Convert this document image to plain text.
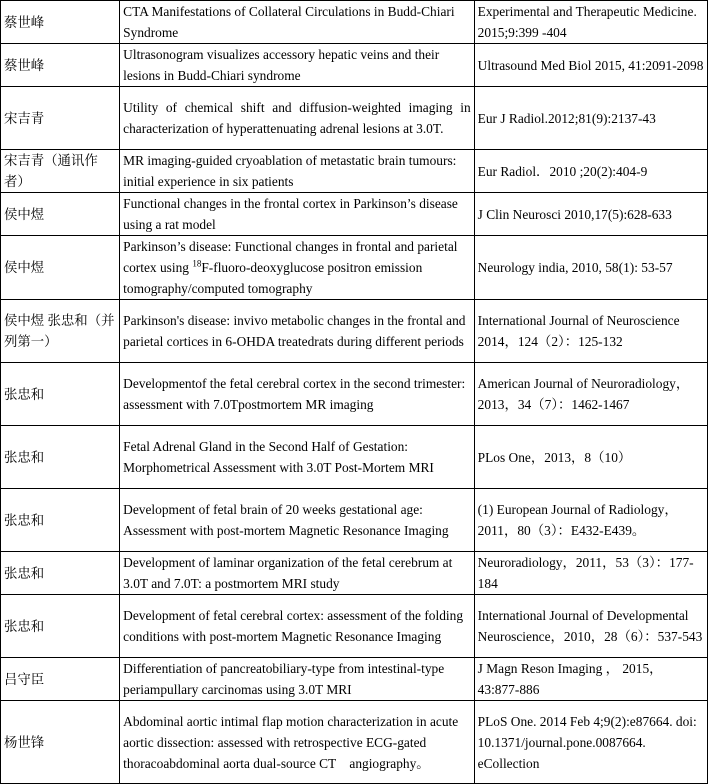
蔡世峰	CTA Manifestations of Collateral Circulations in Budd-Chiari Syndrome	Experimental and Therapeutic Medicine. 2015;9:399 -404
蔡世峰	Ultrasonogram visualizes accessory hepatic veins and their lesions in Budd-Chiari syndrome	Ultrasound Med Biol 2015, 41:2091-2098
宋吉青	Utility of chemical shift and diffusion-weighted imaging in characterization of hyperattenuating adrenal lesions at 3.0T.	Eur J Radiol.2012;81(9):2137-43
宋吉青（通讯作者）	MR imaging-guided cryoablation of metastatic brain tumours: initial experience in six patients	Eur Radiol．2010 ;20(2):404-9
侯中煜	Functional changes in the frontal cortex in Parkinson’s disease using a rat model	J Clin Neurosci 2010,17(5):628-633
侯中煜	Parkinson’s disease: Functional changes in frontal and parietal cortex using $^{18}$F-fluoro-deoxyglucose positron emission tomography/computed tomography	Neurology india, 2010, 58(1): 53-57
侯中煜 张忠和（并列第一）	Parkinson's disease: invivo metabolic changes in the frontal and parietal cortices in 6-OHDA treatedrats during different periods	International Journal of Neuroscience 2014，124（2）：125-132
张忠和	Developmentof the fetal cerebral cortex in the second trimester: assessment with 7.0Tpostmortem MR imaging	American Journal of Neuroradiology，2013，34（7）：1462-1467
张忠和	Fetal Adrenal Gland in the Second Half of Gestation: Morphometrical Assessment with 3.0T Post-Mortem MRI	PLos One，2013，8（10）
张忠和	Development of fetal brain of 20 weeks gestational age: Assessment with post-mortem Magnetic Resonance Imaging	(1) European Journal of Radiology，2011，80（3）：E432-E439。
张忠和	Development of laminar organization of the fetal cerebrum at 3.0T and 7.0T: a postmortem MRI study	Neuroradiology，2011，53（3）：177-184
张忠和	Development of fetal cerebral cortex: assessment of the folding conditions with post-mortem Magnetic Resonance Imaging	International Journal of Developmental Neuroscience，2010，28（6）：537-543
吕守臣	Differentiation of pancreatobiliary-type from intestinal-type periampullary carcinomas using 3.0T MRI	J Magn Reson Imaging ， 2015，43:877-886
杨世锋	Abdominal aortic intimal flap motion characterization in acute aortic dissection: assessed with retrospective ECG-gated thoracoabdominal aorta dual-source CT　angiography。	PLoS One. 2014 Feb 4;9(2):e87664. doi: 10.1371/journal.pone.0087664. eCollection
